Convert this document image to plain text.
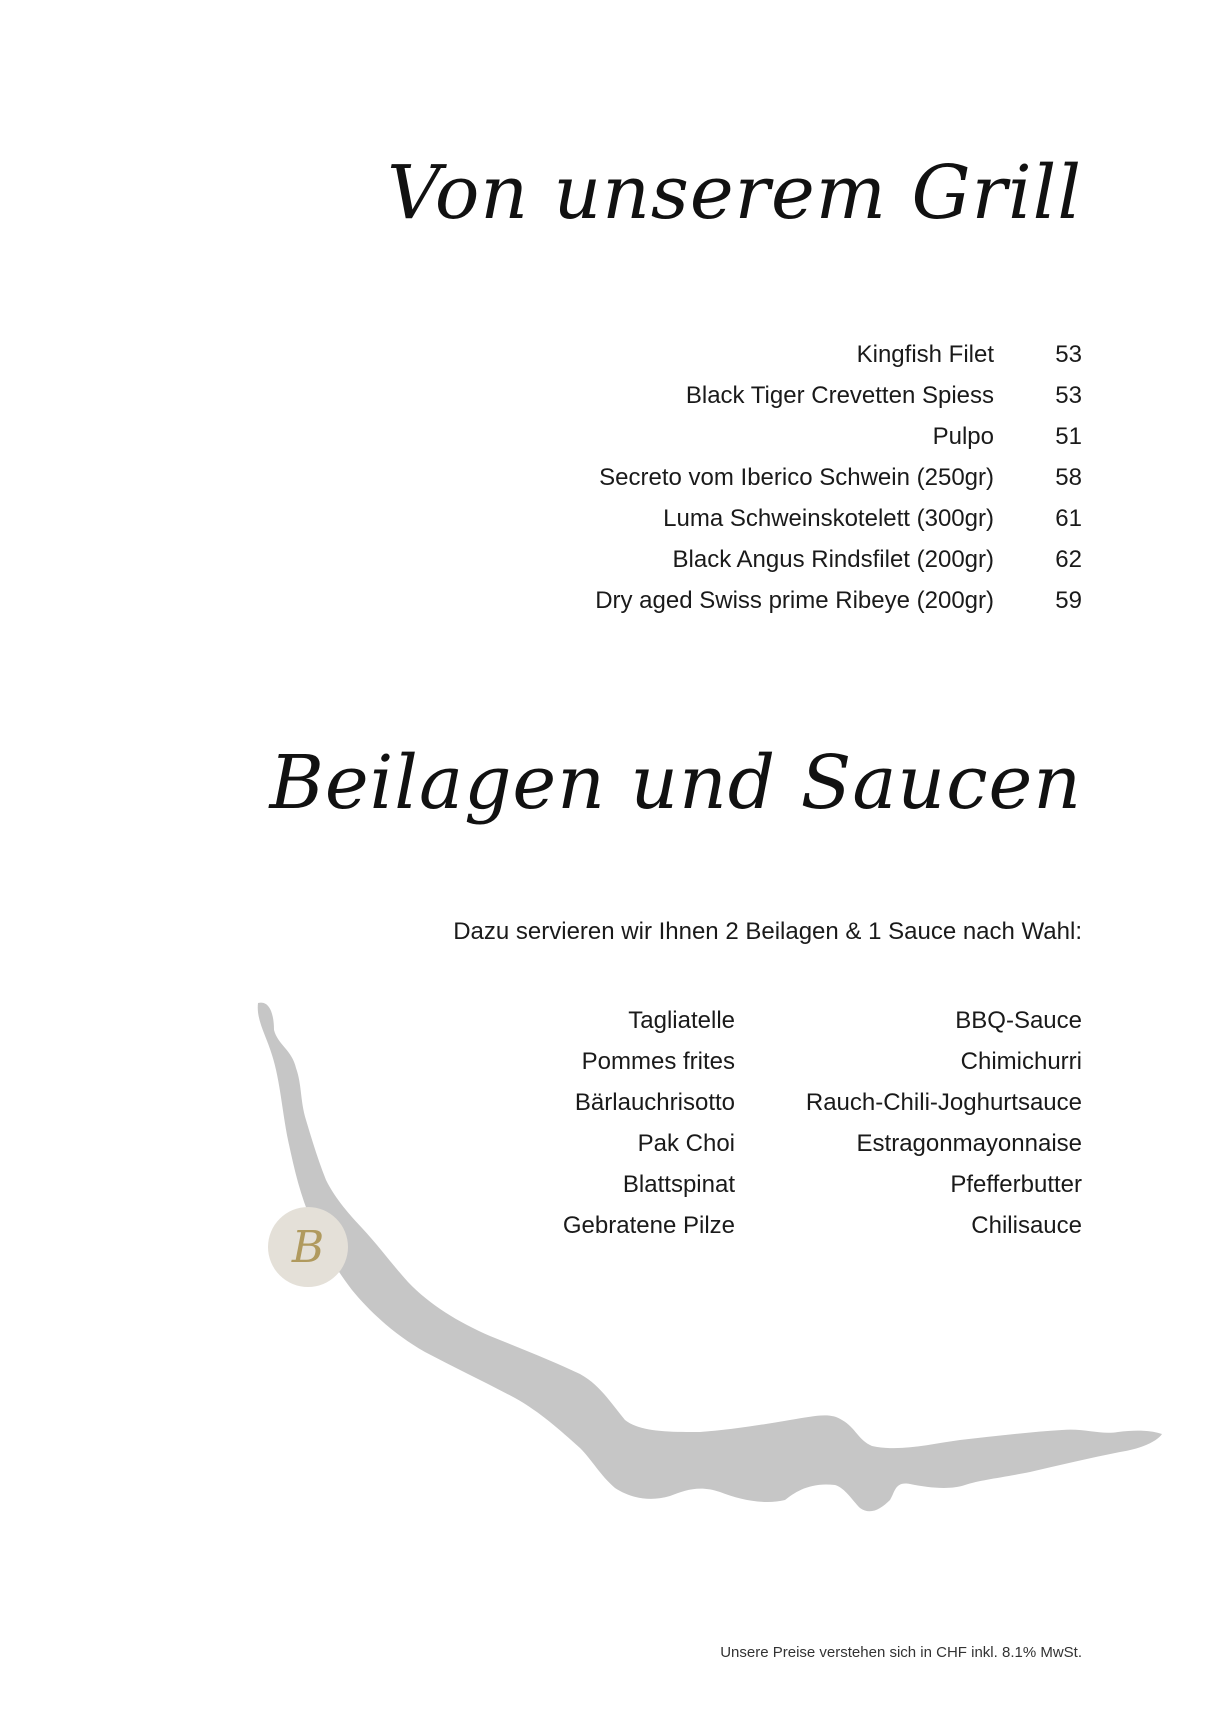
B
Von unserem Grill
Kingfish Filet	53
Black Tiger Crevetten Spiess	53
Pulpo	51
Secreto vom Iberico Schwein (250gr)	58
Luma Schweinskotelett (300gr)	61
Black Angus Rindsfilet (200gr)	62
Dry aged Swiss prime Ribeye (200gr)	59
Beilagen und Saucen
Dazu servieren wir Ihnen 2 Beilagen & 1 Sauce nach Wahl:
Tagliatelle
Pommes frites
Bärlauchrisotto
Pak Choi
Blattspinat
Gebratene Pilze
BBQ-Sauce
Chimichurri
Rauch-Chili-Joghurtsauce
Estragonmayonnaise
Pfefferbutter
Chilisauce
Unsere Preise verstehen sich in CHF inkl. 8.1% MwSt.
